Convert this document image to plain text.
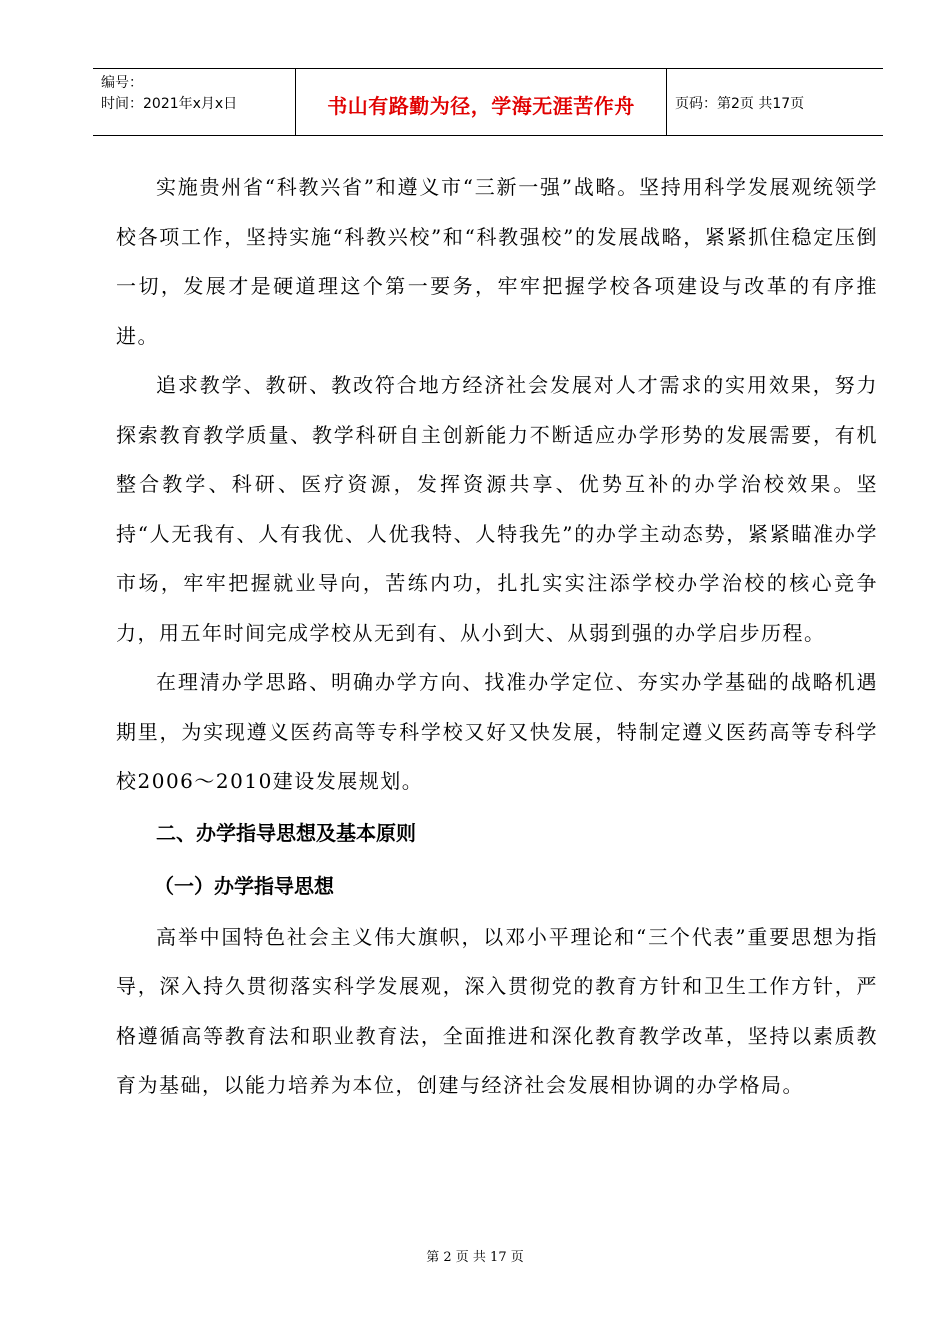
编号：
时间：2021年x月x日	书山有路勤为径，学海无涯苦作舟	页码：第2页 共17页

实施贵州省“科教兴省”和遵义市“三新一强”战略。坚持用科学发展观统领学校各项工作，坚持实施“科教兴校”和“科教强校”的发展战略，紧紧抓住稳定压倒一切，发展才是硬道理这个第一要务，牢牢把握学校各项建设与改革的有序推进。

追求教学、教研、教改符合地方经济社会发展对人才需求的实用效果，努力探索教育教学质量、教学科研自主创新能力不断适应办学形势的发展需要，有机整合教学、科研、医疗资源，发挥资源共享、优势互补的办学治校效果。坚持“人无我有、人有我优、人优我特、人特我先”的办学主动态势，紧紧瞄准办学市场，牢牢把握就业导向，苦练内功，扎扎实实注添学校办学治校的核心竞争力，用五年时间完成学校从无到有、从小到大、从弱到强的办学启步历程。

在理清办学思路、明确办学方向、找准办学定位、夯实办学基础的战略机遇期里，为实现遵义医药高等专科学校又好又快发展，特制定遵义医药高等专科学校2006～2010建设发展规划。

二、办学指导思想及基本原则

（一）办学指导思想

高举中国特色社会主义伟大旗帜，以邓小平理论和“三个代表”重要思想为指导，深入持久贯彻落实科学发展观，深入贯彻党的教育方针和卫生工作方针，严格遵循高等教育法和职业教育法，全面推进和深化教育教学改革，坚持以素质教育为基础，以能力培养为本位，创建与经济社会发展相协调的办学格局。

第 2 页 共 17 页
